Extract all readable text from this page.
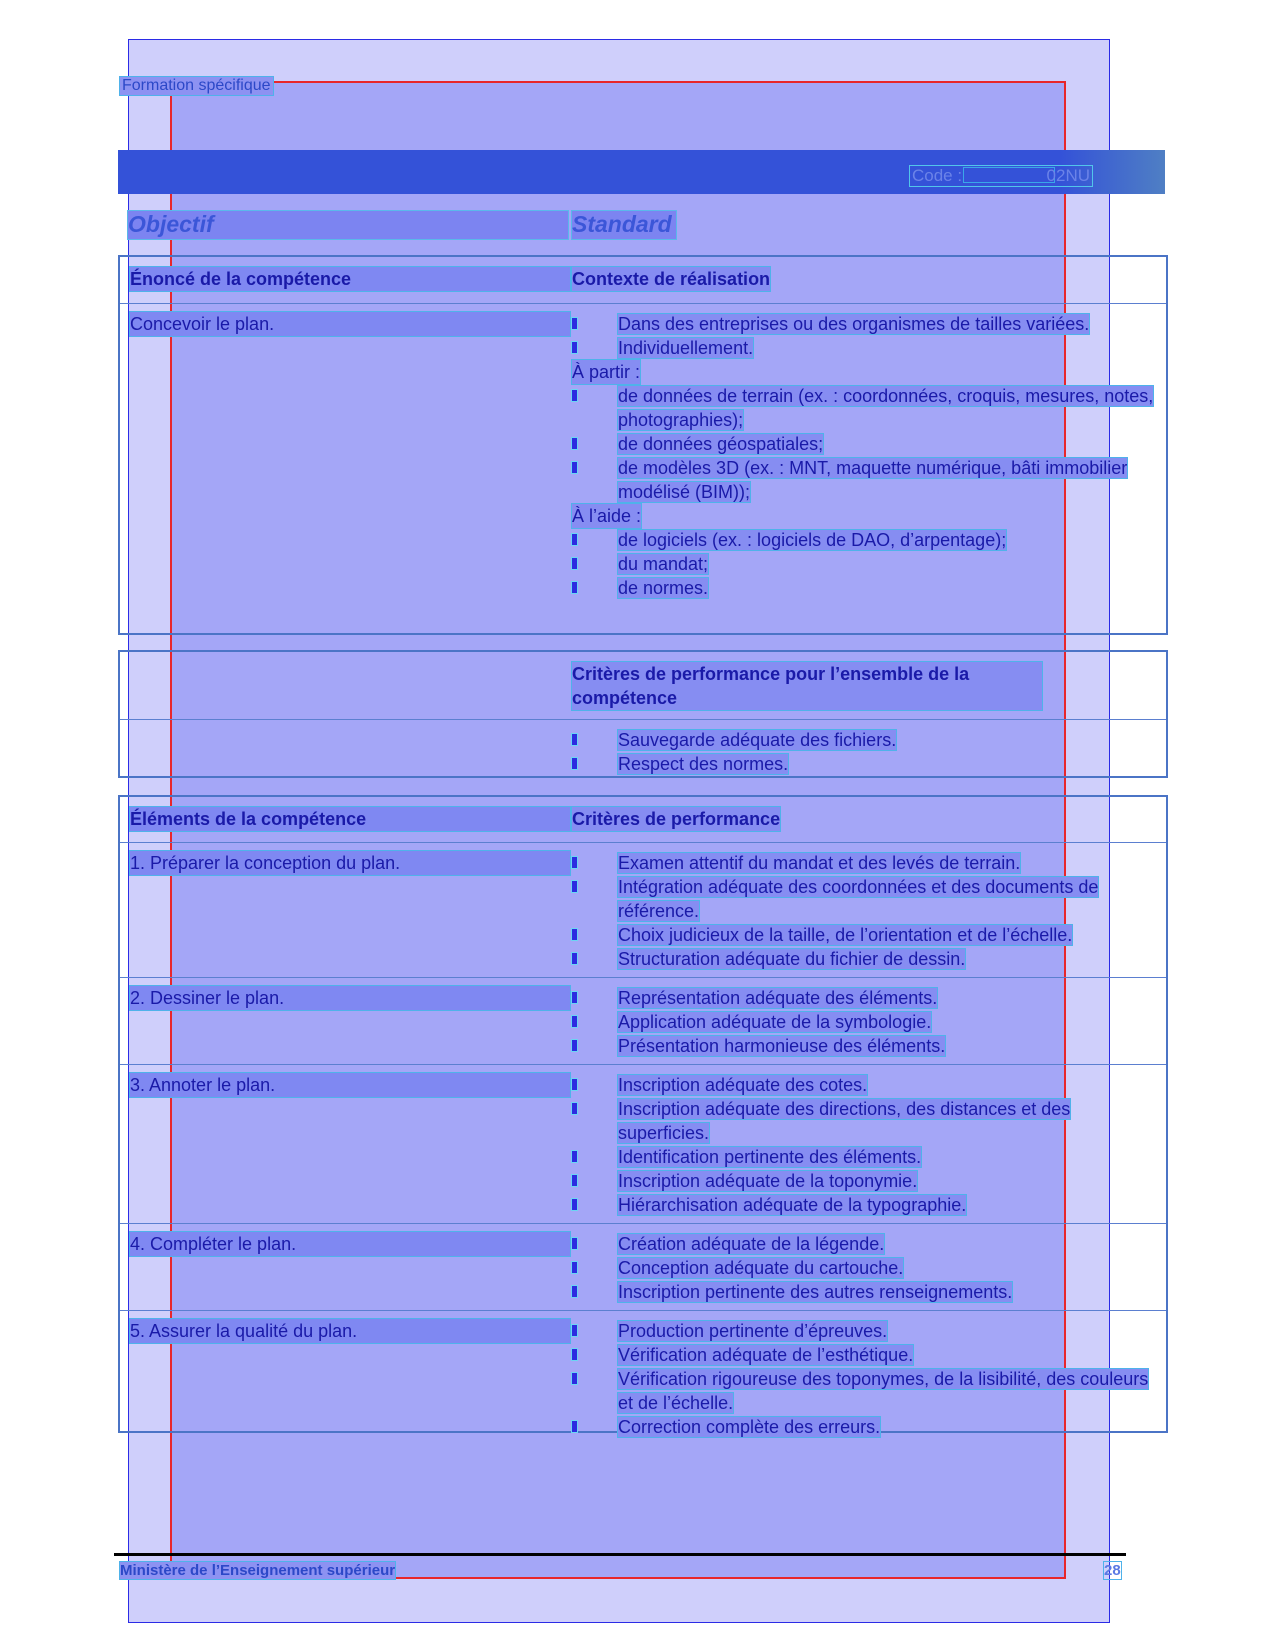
Formation spécifique
Code :	02NU
Objectif	Standard
Énoncé de la compétence	Contexte de réalisation
Concevoir le plan.	Dans des entreprises ou des organismes de tailles variées.
Individuellement.
À partir :
de données de terrain (ex. : coordonnées, croquis, mesures, notes, photographies);
de données géospatiales;
de modèles 3D (ex. : MNT, maquette numérique, bâti immobilier modélisé (BIM));
À l’aide :
de logiciels (ex. : logiciels de DAO, d’arpentage);
du mandat;
de normes.
Critères de performance pour l’ensemble de la compétence
Sauvegarde adéquate des fichiers.
Respect des normes.
Éléments de la compétence	Critères de performance
1. Préparer la conception du plan.	Examen attentif du mandat et des levés de terrain.
Intégration adéquate des coordonnées et des documents de référence.
Choix judicieux de la taille, de l’orientation et de l’échelle.
Structuration adéquate du fichier de dessin.
2. Dessiner le plan.	Représentation adéquate des éléments.
Application adéquate de la symbologie.
Présentation harmonieuse des éléments.
3. Annoter le plan.	Inscription adéquate des cotes.
Inscription adéquate des directions, des distances et des superficies.
Identification pertinente des éléments.
Inscription adéquate de la toponymie.
Hiérarchisation adéquate de la typographie.
4. Compléter le plan.	Création adéquate de la légende.
Conception adéquate du cartouche.
Inscription pertinente des autres renseignements.
5. Assurer la qualité du plan.	Production pertinente d’épreuves.
Vérification adéquate de l’esthétique.
Vérification rigoureuse des toponymes, de la lisibilité, des couleurs et de l’échelle.
Correction complète des erreurs.
Ministère de l’Enseignement supérieur	28
